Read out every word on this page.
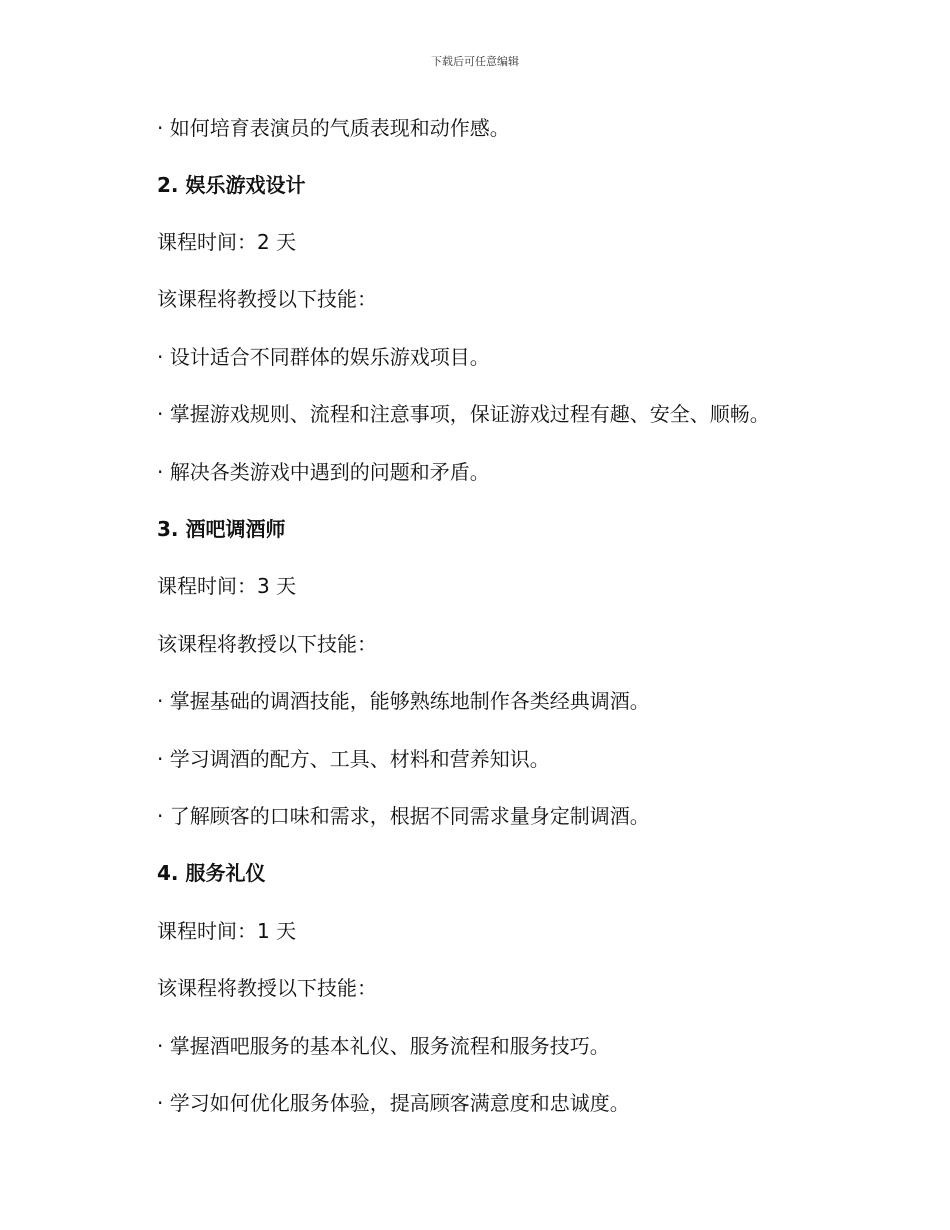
下载后可任意编辑
· 如何培育表演员的气质表现和动作感。
2. 娱乐游戏设计
课程时间：2 天
该课程将教授以下技能：
· 设计适合不同群体的娱乐游戏项目。
· 掌握游戏规则、流程和注意事项，保证游戏过程有趣、安全、顺畅。
· 解决各类游戏中遇到的问题和矛盾。
3. 酒吧调酒师
课程时间：3 天
该课程将教授以下技能：
· 掌握基础的调酒技能，能够熟练地制作各类经典调酒。
· 学习调酒的配方、工具、材料和营养知识。
· 了解顾客的口味和需求，根据不同需求量身定制调酒。
4. 服务礼仪
课程时间：1 天
该课程将教授以下技能：
· 掌握酒吧服务的基本礼仪、服务流程和服务技巧。
· 学习如何优化服务体验，提高顾客满意度和忠诚度。
